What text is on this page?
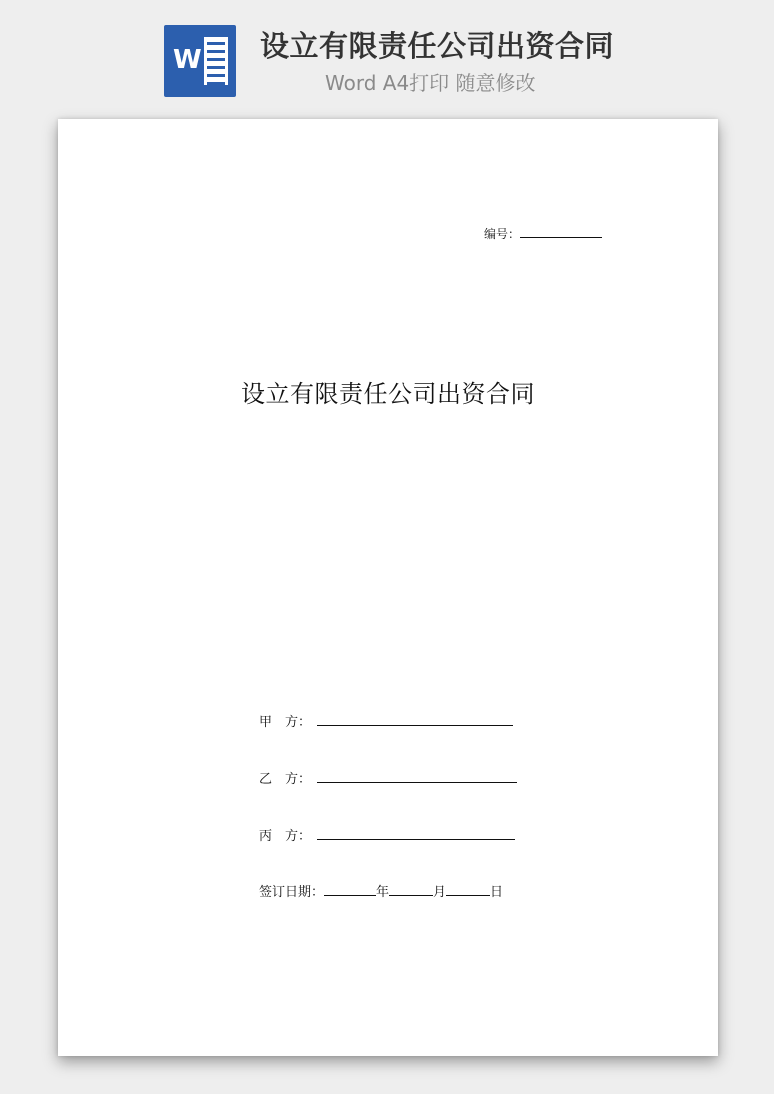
W 设立有限责任公司出资合同
Word A4打印 随意修改
编号：
设立有限责任公司出资合同
甲　方：
乙　方：
丙　方：
签订日期：	年	月	日
